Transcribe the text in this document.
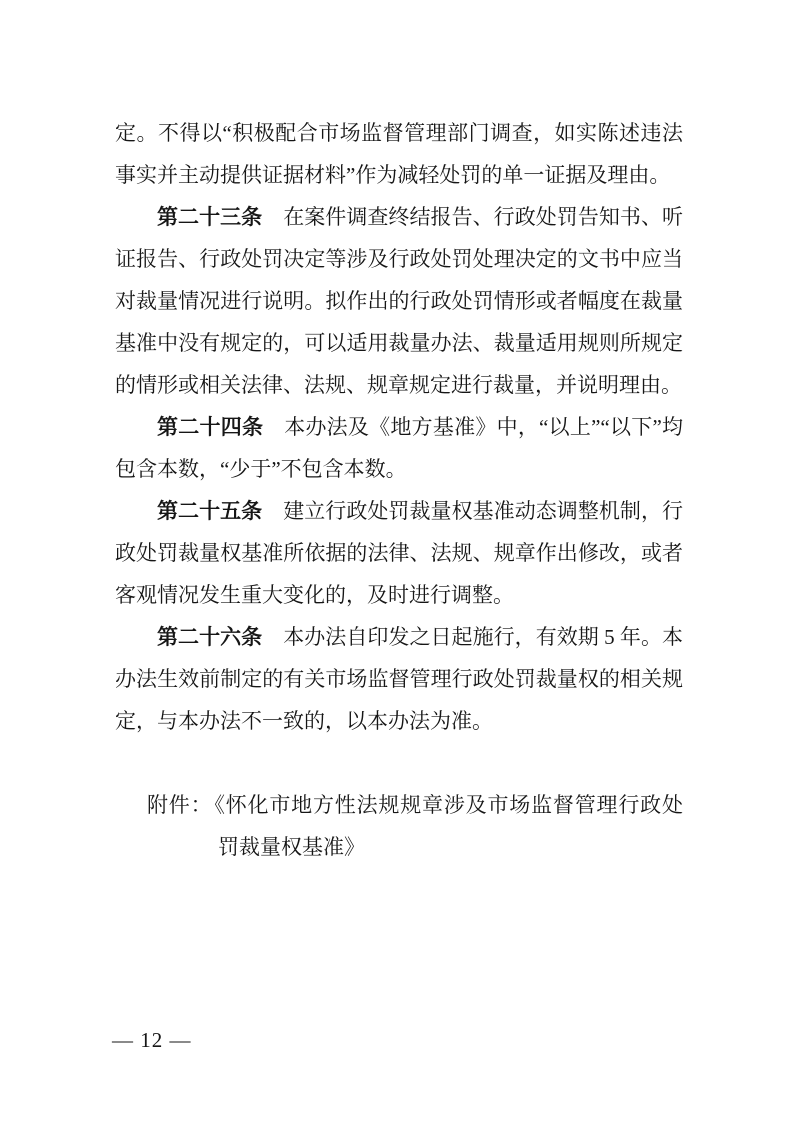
定。不得以“积极配合市场监督管理部门调查，如实陈述违法事实并主动提供证据材料”作为减轻处罚的单一证据及理由。

第二十三条 在案件调查终结报告、行政处罚告知书、听证报告、行政处罚决定等涉及行政处罚处理决定的文书中应当对裁量情况进行说明。拟作出的行政处罚情形或者幅度在裁量基准中没有规定的，可以适用裁量办法、裁量适用规则所规定的情形或相关法律、法规、规章规定进行裁量，并说明理由。

第二十四条 本办法及《地方基准》中，“以上”“以下”均包含本数，“少于”不包含本数。

第二十五条 建立行政处罚裁量权基准动态调整机制，行政处罚裁量权基准所依据的法律、法规、规章作出修改，或者客观情况发生重大变化的，及时进行调整。

第二十六条 本办法自印发之日起施行，有效期 5 年。本办法生效前制定的有关市场监督管理行政处罚裁量权的相关规定，与本办法不一致的，以本办法为准。

附件：《怀化市地方性法规规章涉及市场监督管理行政处罚裁量权基准》

— 12 —
